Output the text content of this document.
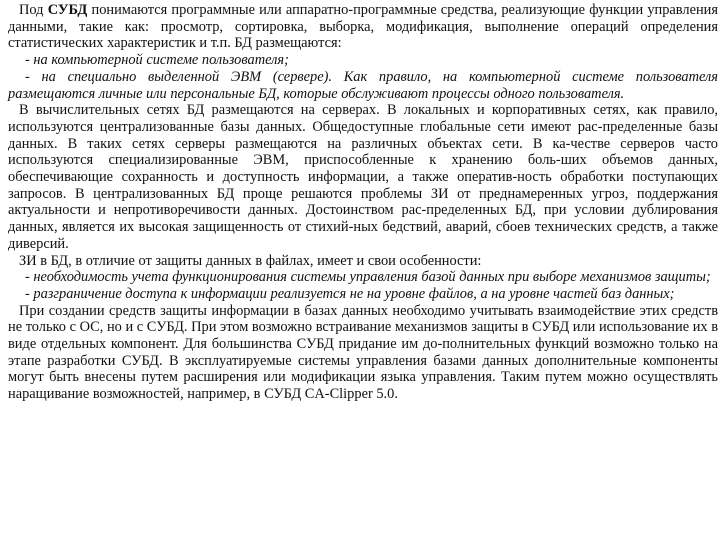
Под СУБД понимаются программные или аппаратно-программные средства, реализующие функции управления данными, такие как: просмотр, сортировка, выборка, модификация, выполнение операций определения статистических характеристик и т.п. БД размещаются:

- на компьютерной системе пользователя;

- на специально выделенной ЭВМ (сервере). Как правило, на компьютерной системе пользователя размещаются личные или персональные БД, которые обслуживают процессы одного пользователя.

В вычислительных сетях БД размещаются на серверах. В локальных и корпоративных сетях, как правило, используются централизованные базы данных. Общедоступные глобальные сети имеют рас-пределенные базы данных. В таких сетях серверы размещаются на различных объектах сети. В ка-честве серверов часто используются специализированные ЭВМ, приспособленные к хранению боль-ших объемов данных, обеспечивающие сохранность и доступность информации, а также оператив-ность обработки поступающих запросов. В централизованных БД проще решаются проблемы ЗИ от преднамеренных угроз, поддержания актуальности и непротиворечивости данных. Достоинством рас-пределенных БД, при условии дублирования данных, является их высокая защищенность от стихий-ных бедствий, аварий, сбоев технических средств, а также диверсий.

ЗИ в БД, в отличие от защиты данных в файлах, имеет и свои особенности:

- необходимость учета функционирования системы управления базой данных при выборе механизмов защиты;

- разграничение доступа к информации реализуется не на уровне файлов, а на уровне частей баз данных;

При создании средств защиты информации в базах данных необходимо учитывать взаимодействие этих средств не только с ОС, но и с СУБД. При этом возможно встраивание механизмов защиты в СУБД или использование их в виде отдельных компонент. Для большинства СУБД придание им до-полнительных функций возможно только на этапе разработки СУБД. В эксплуатируемые системы управления базами данных дополнительные компоненты могут быть внесены путем расширения или модификации языка управления. Таким путем можно осуществлять наращивание возможностей, например, в СУБД CA-Clipper 5.0.
